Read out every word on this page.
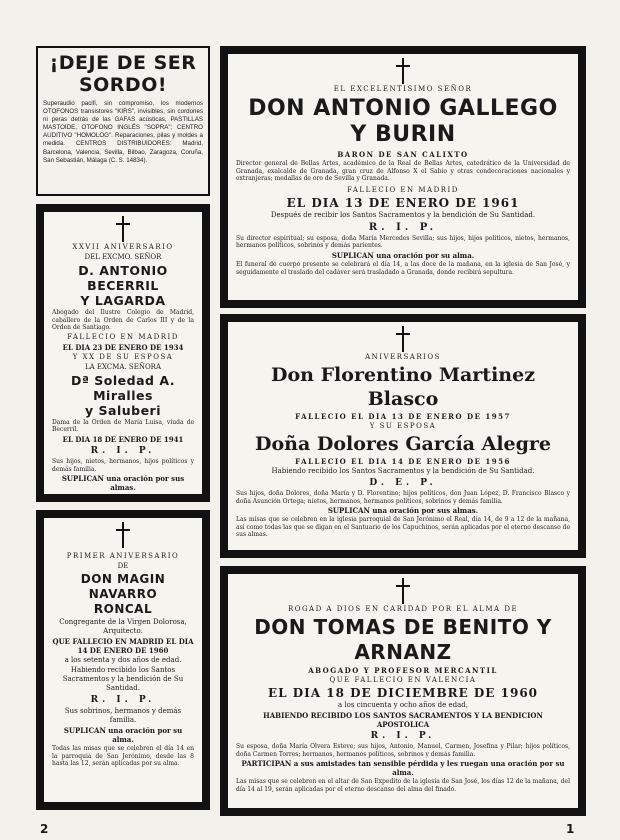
¡DEJE DE SER SORDO!
Superaudio pacifi, sin compromiso, los modernos OTOFONOS transistores "KIRS", invisibles, sin cordones ni peras detrás de las GAFAS acústicas, PASTILLAS MASTOIDE, OTOFONO INGLÉS "SOPRA"; CENTRO AUDITIVO "HOMOLOG". Reparaciones, pilas y moldes a medida. CENTROS DISTRIBUIDORES: Madrid, Barcelona, Valencia, Sevilla, Bilbao, Zaragoza, Coruña, San Sebastián, Málaga (C. S. 14834).
EL EXCELENTISIMO SEÑOR
DON ANTONIO GALLEGO Y BURIN
BARON DE SAN CALIXTO
Director general de Bellas Artes, académico de la Real de Bellas Artes, catedrático de la Universidad de Granada, exalcalde de Granada, gran cruz de Alfonso X el Sabio y otras condecoraciones nacionales y extranjeras; medallas de oro de Sevilla y Granada.
FALLECIO EN MADRID
EL DIA 13 DE ENERO DE 1961
Después de recibir los Santos Sacramentos y la bendición de Su Santidad.
R. I. P.
Su director espiritual; su esposa, doña María Mercedes Sevilla; sus hijos, hijos políticos, nietos, hermanos, hermanos políticos, sobrinos y demás parientes.
SUPLICAN una oración por su alma.
El funeral de cuerpo presente se celebrará el día 14, a las doce de la mañana, en la iglesia de San José, y seguidamente el traslado del cadáver será trasladado a Granada, donde recibirá sepultura.
XXVII ANIVERSARIO
DEL EXCMO. SEÑOR
D. ANTONIO BECERRIL
Y LAGARDA
Abogado del Ilustre Colegio de Madrid, caballero de la Orden de Carlos III y de la Orden de Santiago.
FALLECIO EN MADRID
EL DIA 23 DE ENERO DE 1934
Y XX DE SU ESPOSA
LA EXCMA. SEÑORA
Dª Soledad A. Miralles
y Saluberi
Dama de la Orden de María Luisa, viuda de Becerril.
EL DIA 18 DE ENERO DE 1941
R. I. P.
Sus hijos, nietos, hermanos, hijos políticos y demás familia.
SUPLICAN una oración por sus almas.
ANIVERSARIOS
Don Florentino Martinez Blasco
FALLECIO EL DIA 13 DE ENERO DE 1957
Y SU ESPOSA
Doña Dolores García Alegre
FALLECIO EL DIA 14 DE ENERO DE 1956
Habiendo recibido los Santos Sacramentos y la bendición de Su Santidad.
D. E. P.
Sus hijos, doña Dolores, doña María y D. Florentino; hijos políticos, don Juan López, D. Francisco Blasco y doña Asunción Ortega; nietos, hermanos, hermanos políticos, sobrinos y demás familia.
SUPLICAN una oración por sus almas.
Las misas que se celebren en la iglesia parroquial de San Jerónimo el Real, día 14, de 9 a 12 de la mañana, así como todas las que se digan en el Santuario de los Capuchinos, serán aplicadas por el eterno descanso de sus almas.
PRIMER ANIVERSARIO
DE
DON MAGIN NAVARRO
RONCAL
Congregante de la Virgen Dolorosa, Arquitecto.
QUE FALLECIO EN MADRID EL DIA 14 DE ENERO DE 1960
a los setenta y dos años de edad.
Habiendo recibido los Santos Sacramentos y la bendición de Su Santidad.
R. I. P.
Sus sobrinos, hermanos y demás familia.
SUPLICAN una oración por su alma.
Todas las misas que se celebren el día 14 en la parroquia de San Jerónimo, desde las 8 hasta las 12, serán aplicadas por su alma.
ROGAD A DIOS EN CARIDAD POR EL ALMA DE
DON TOMAS DE BENITO Y ARNANZ
ABOGADO Y PROFESOR MERCANTIL
QUE FALLECIO EN VALENCIA
EL DIA 18 DE DICIEMBRE DE 1960
a los cincuenta y ocho años de edad,
HABIENDO RECIBIDO LOS SANTOS SACRAMENTOS Y LA BENDICION APOSTOLICA
R. I. P.
Su esposa, doña María Olvera Esteve; sus hijos, Antonio, Manuel, Carmen, Josefina y Pilar; hijos políticos, doña Carmen Torres; hermanos, hermanos políticos, sobrinos y demás familia.
PARTICIPAN a sus amistades tan sensible pérdida y les ruegan una oración por su alma.
Las misas que se celebren en el altar de San Expedito de la iglesia de San José, los días 12 de la mañana, del día 14 al 19, serán aplicadas por el eterno descanso del alma del finado.
2	1
